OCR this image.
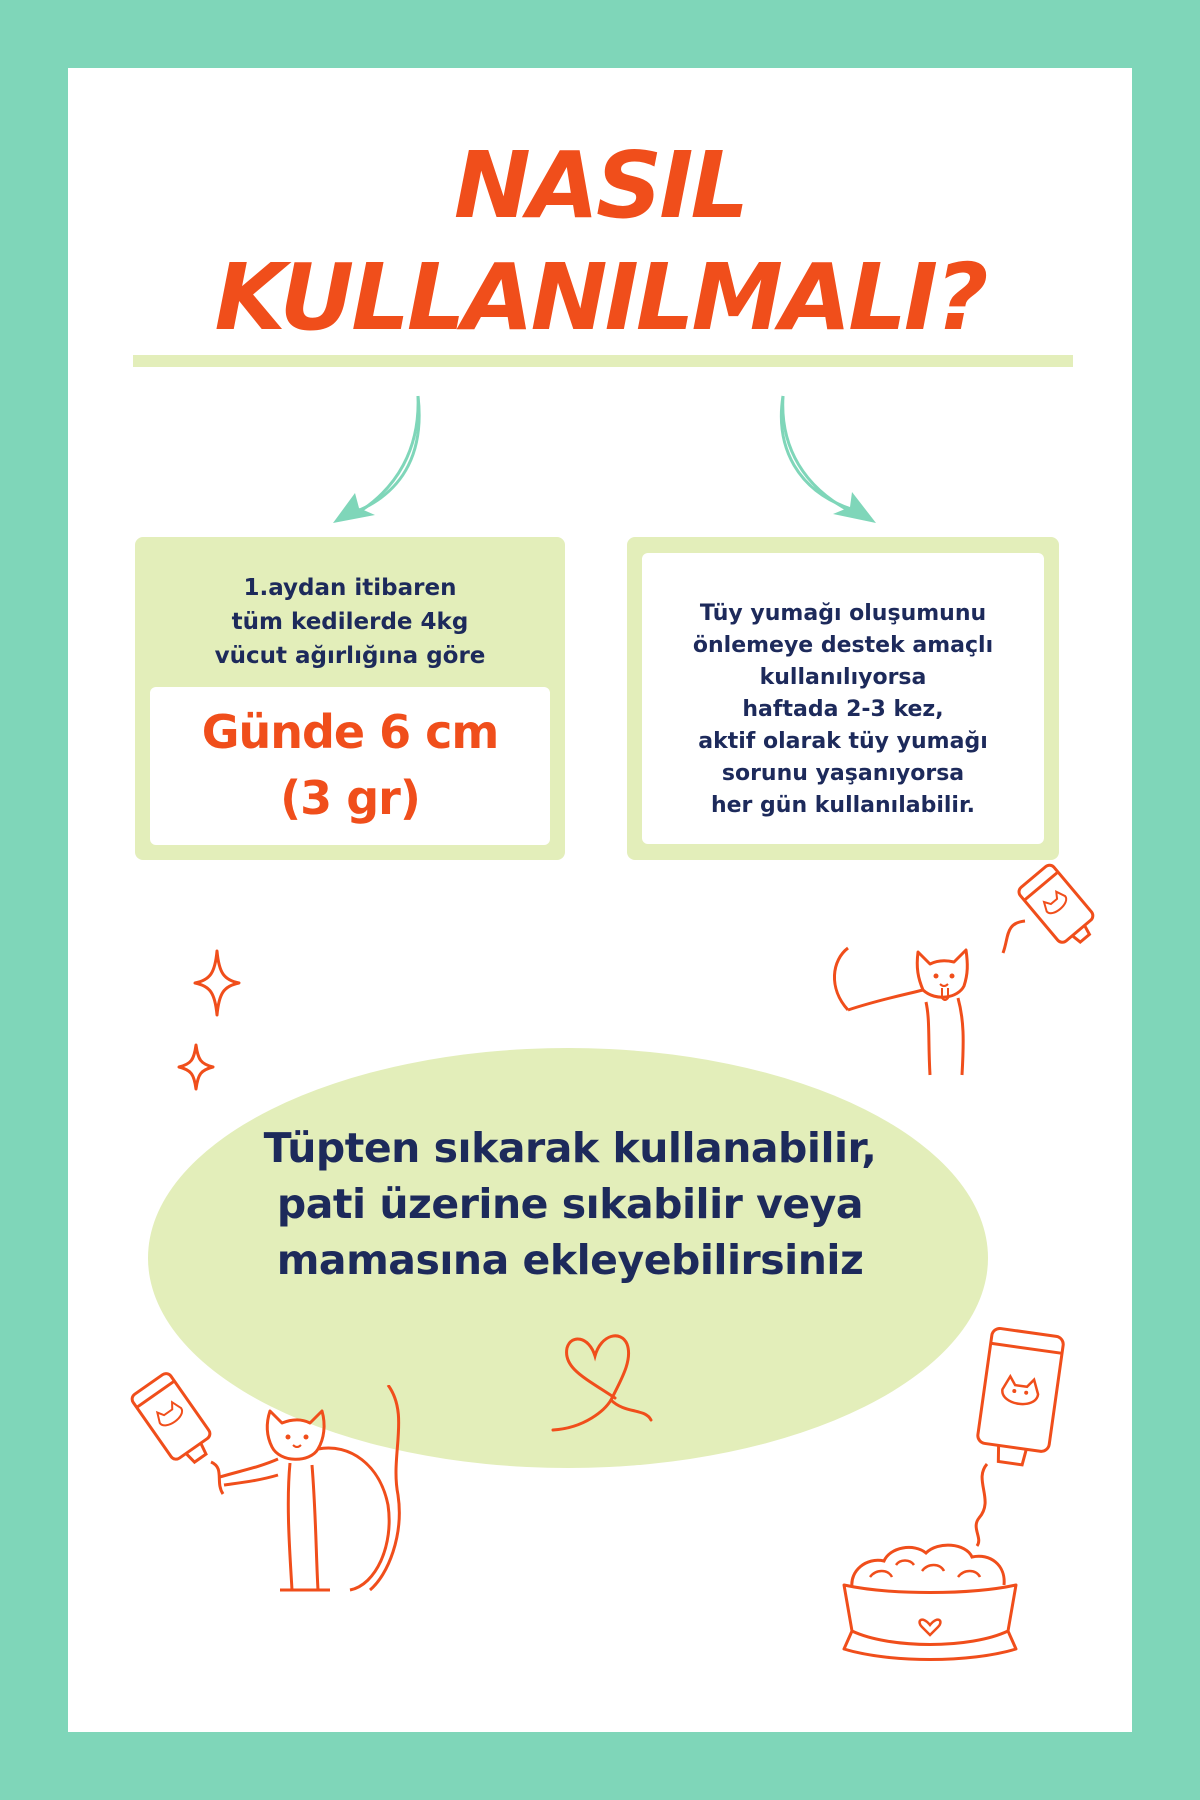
NASIL
KULLANILMALI?
1.aydan itibaren
tüm kedilerde 4kg
vücut ağırlığına göre
Günde 6 cm
(3 gr)
Tüy yumağı oluşumunu
önlemeye destek amaçlı
kullanılıyorsa
haftada 2-3 kez,
aktif olarak tüy yumağı
sorunu yaşanıyorsa
her gün kullanılabilir.
Tüpten sıkarak kullanabilir,
pati üzerine sıkabilir veya
mamasına ekleyebilirsiniz
